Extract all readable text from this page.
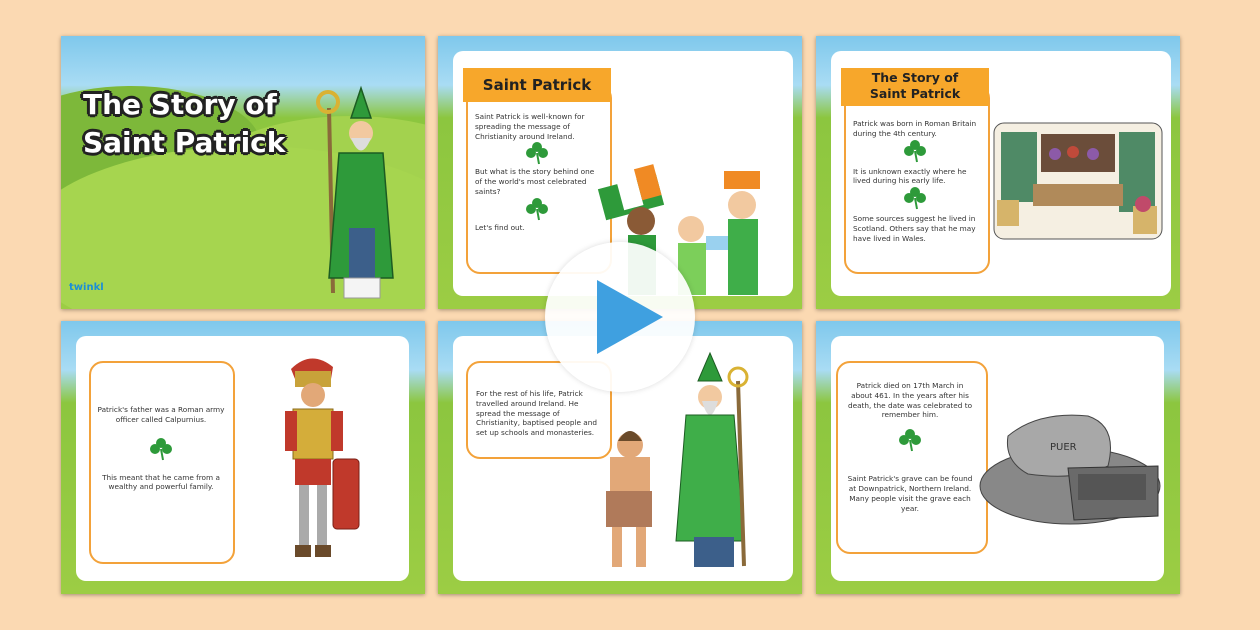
The Story of
Saint Patrick
twinkl
Saint Patrick

Saint Patrick is well-known for spreading the message of Christianity around Ireland.

But what is the story behind one of the world's most celebrated saints?

Let's find out.

The Story of
Saint Patrick

Patrick was born in Roman Britain during the 4th century.

It is unknown exactly where he lived during his early life.

Some sources suggest he lived in Scotland. Others say that he may have lived in Wales.

Patrick's father was a Roman army officer called Calpurnius.

This meant that he came from a wealthy and powerful family.

For the rest of his life, Patrick travelled around Ireland. He spread the message of Christianity, baptised people and set up schools and monasteries.

Patrick died on 17th March in about 461. In the years after his death, the date was celebrated to remember him.

Saint Patrick's grave can be found at Downpatrick, Northern Ireland. Many people visit the grave each year.

PUER
